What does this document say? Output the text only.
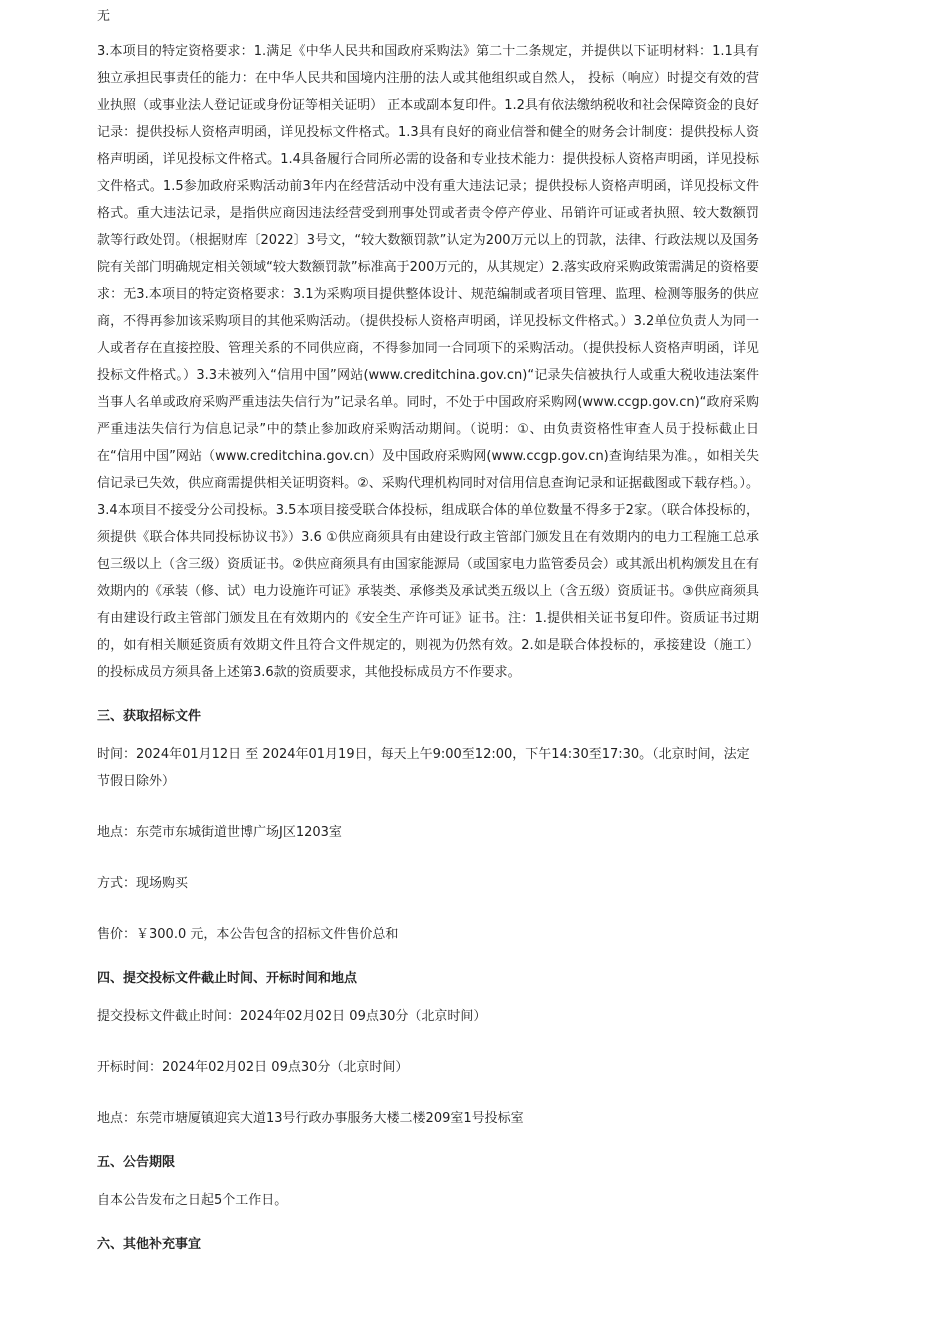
无

3.本项目的特定资格要求：1.满足《中华人民共和国政府采购法》第二十二条规定，并提供以下证明材料：1.1具有独立承担民事责任的能力：在中华人民共和国境内注册的法人或其他组织或自然人， 投标（响应）时提交有效的营业执照（或事业法人登记证或身份证等相关证明） 正本或副本复印件。1.2具有依法缴纳税收和社会保障资金的良好记录：提供投标人资格声明函，详见投标文件格式。1.3具有良好的商业信誉和健全的财务会计制度：提供投标人资格声明函，详见投标文件格式。1.4具备履行合同所必需的设备和专业技术能力：提供投标人资格声明函，详见投标文件格式。1.5参加政府采购活动前3年内在经营活动中没有重大违法记录；提供投标人资格声明函，详见投标文件格式。重大违法记录，是指供应商因违法经营受到刑事处罚或者责令停产停业、吊销许可证或者执照、较大数额罚款等行政处罚。（根据财库〔2022〕3号文，“较大数额罚款”认定为200万元以上的罚款，法律、行政法规以及国务院有关部门明确规定相关领域“较大数额罚款”标准高于200万元的，从其规定）2.落实政府采购政策需满足的资格要求：无3.本项目的特定资格要求：3.1为采购项目提供整体设计、规范编制或者项目管理、监理、检测等服务的供应商，不得再参加该采购项目的其他采购活动。（提供投标人资格声明函，详见投标文件格式。）3.2单位负责人为同一人或者存在直接控股、管理关系的不同供应商，不得参加同一合同项下的采购活动。（提供投标人资格声明函，详见投标文件格式。）3.3未被列入“信用中国”网站(www.creditchina.gov.cn)“记录失信被执行人或重大税收违法案件当事人名单或政府采购严重违法失信行为”记录名单。同时，不处于中国政府采购网(www.ccgp.gov.cn)“政府采购严重违法失信行为信息记录”中的禁止参加政府采购活动期间。（说明：①、由负责资格性审查人员于投标截止日在“信用中国”网站（www.creditchina.gov.cn）及中国政府采购网(www.ccgp.gov.cn)查询结果为准。，如相关失信记录已失效，供应商需提供相关证明资料。②、采购代理机构同时对信用信息查询记录和证据截图或下载存档。）。3.4本项目不接受分公司投标。3.5本项目接受联合体投标，组成联合体的单位数量不得多于2家。（联合体投标的，须提供《联合体共同投标协议书》）3.6 ①供应商须具有由建设行政主管部门颁发且在有效期内的电力工程施工总承包三级以上（含三级）资质证书。②供应商须具有由国家能源局（或国家电力监管委员会）或其派出机构颁发且在有效期内的《承装（修、试）电力设施许可证》承装类、承修类及承试类五级以上（含五级）资质证书。③供应商须具有由建设行政主管部门颁发且在有效期内的《安全生产许可证》证书。注：1.提供相关证书复印件。资质证书过期的，如有相关顺延资质有效期文件且符合文件规定的，则视为仍然有效。2.如是联合体投标的，承接建设（施工）的投标成员方须具备上述第3.6款的资质要求，其他投标成员方不作要求。

三、获取招标文件

时间：2024年01月12日 至 2024年01月19日，每天上午9:00至12:00，下午14:30至17:30。（北京时间，法定节假日除外）

地点：东莞市东城街道世博广场J区1203室

方式：现场购买

售价：￥300.0 元，本公告包含的招标文件售价总和

四、提交投标文件截止时间、开标时间和地点

提交投标文件截止时间：2024年02月02日 09点30分（北京时间）

开标时间：2024年02月02日 09点30分（北京时间）

地点：东莞市塘厦镇迎宾大道13号行政办事服务大楼二楼209室1号投标室

五、公告期限

自本公告发布之日起5个工作日。

六、其他补充事宜
